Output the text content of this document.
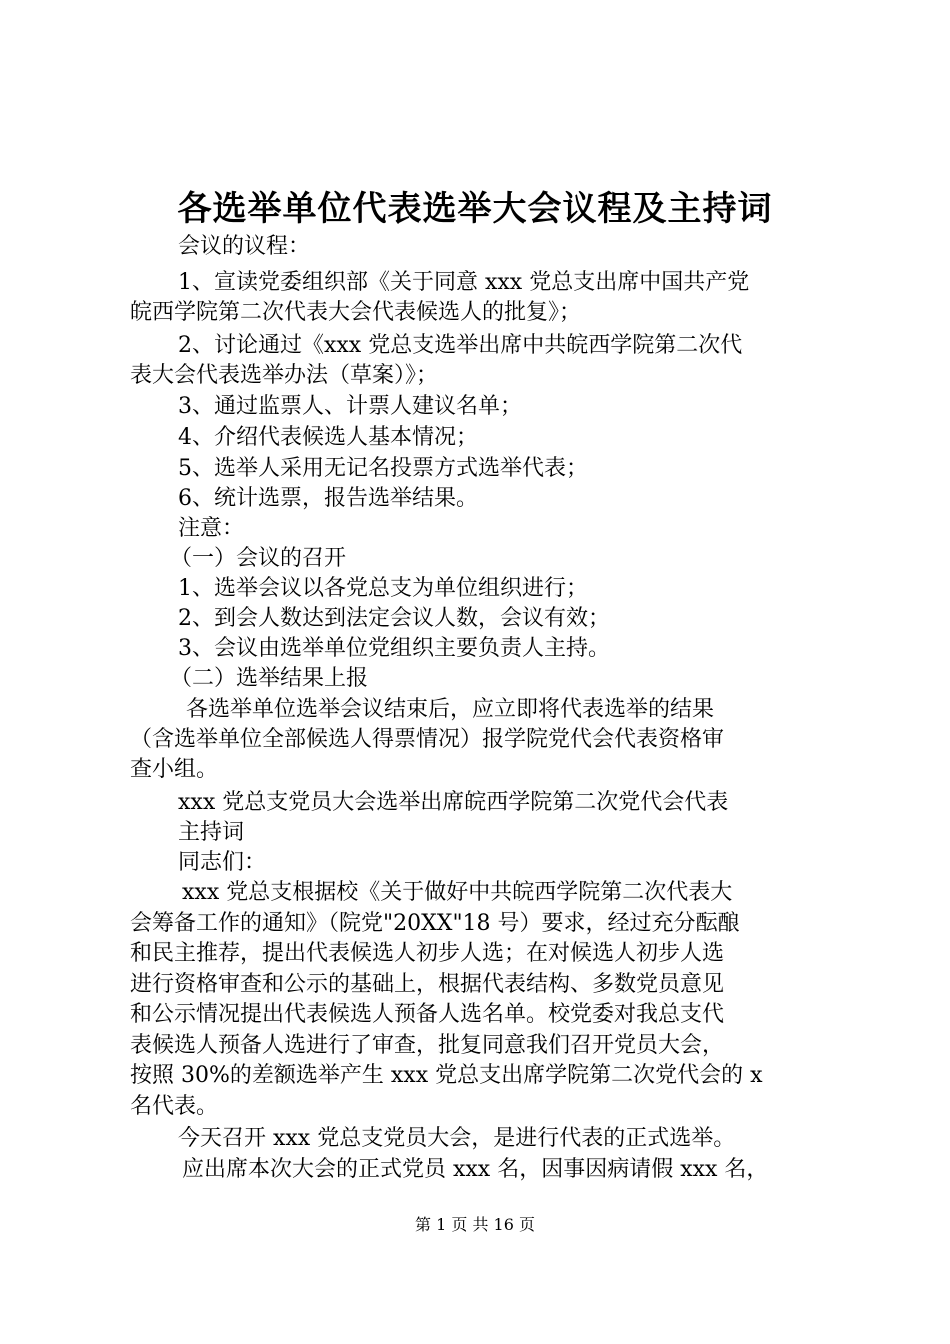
各选举单位代表选举大会议程及主持词
会议的议程：
1、宣读党委组织部《关于同意 xxx 党总支出席中国共产党
皖西学院第二次代表大会代表候选人的批复》；
2、讨论通过《xxx 党总支选举出席中共皖西学院第二次代
表大会代表选举办法（草案）》；
3、通过监票人、计票人建议名单；
4、介绍代表候选人基本情况；
5、选举人采用无记名投票方式选举代表；
6、统计选票，报告选举结果。
注意：
（一）会议的召开
1、选举会议以各党总支为单位组织进行；
2、到会人数达到法定会议人数，会议有效；
3、会议由选举单位党组织主要负责人主持。
（二）选举结果上报
各选举单位选举会议结束后，应立即将代表选举的结果
（含选举单位全部候选人得票情况）报学院党代会代表资格审
查小组。
xxx 党总支党员大会选举出席皖西学院第二次党代会代表
主持词
同志们：
xxx 党总支根据校《关于做好中共皖西学院第二次代表大
会筹备工作的通知》（院党"20XX"18 号）要求，经过充分酝酿
和民主推荐，提出代表候选人初步人选；在对候选人初步人选
进行资格审查和公示的基础上，根据代表结构、多数党员意见
和公示情况提出代表候选人预备人选名单。校党委对我总支代
表候选人预备人选进行了审查，批复同意我们召开党员大会，
按照 30%的差额选举产生 xxx 党总支出席学院第二次党代会的 x
名代表。
今天召开 xxx 党总支党员大会，是进行代表的正式选举。
应出席本次大会的正式党员 xxx 名，因事因病请假 xxx 名，
第 1 页 共 16 页
